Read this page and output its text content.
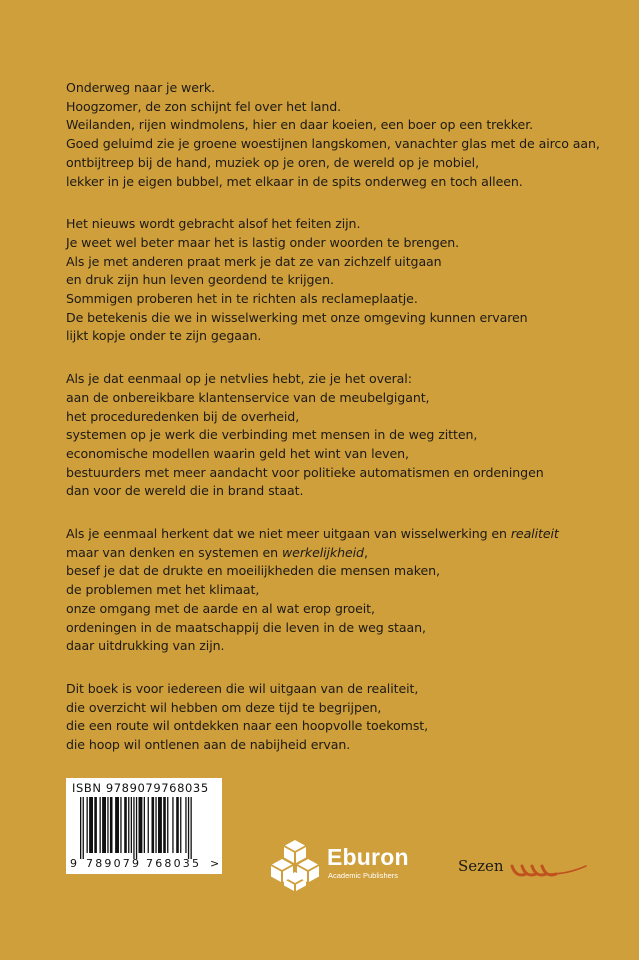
Onderweg naar je werk.
Hoogzomer, de zon schijnt fel over het land.
Weilanden, rijen windmolens, hier en daar koeien, een boer op een trekker.
Goed geluimd zie je groene woestijnen langskomen, vanachter glas met de airco aan,
ontbijtreep bij de hand, muziek op je oren, de wereld op je mobiel,
lekker in je eigen bubbel, met elkaar in de spits onderweg en toch alleen.
Het nieuws wordt gebracht alsof het feiten zijn.
Je weet wel beter maar het is lastig onder woorden te brengen.
Als je met anderen praat merk je dat ze van zichzelf uitgaan
en druk zijn hun leven geordend te krijgen.
Sommigen proberen het in te richten als reclameplaatje.
De betekenis die we in wisselwerking met onze omgeving kunnen ervaren
lijkt kopje onder te zijn gegaan.
Als je dat eenmaal op je netvlies hebt, zie je het overal:
aan de onbereikbare klantenservice van de meubelgigant,
het proceduredenken bij de overheid,
systemen op je werk die verbinding met mensen in de weg zitten,
economische modellen waarin geld het wint van leven,
bestuurders met meer aandacht voor politieke automatismen en ordeningen
dan voor de wereld die in brand staat.
Als je eenmaal herkent dat we niet meer uitgaan van wisselwerking en realiteit
maar van denken en systemen en werkelijkheid,
besef je dat de drukte en moeilijkheden die mensen maken,
de problemen met het klimaat,
onze omgang met de aarde en al wat erop groeit,
ordeningen in de maatschappij die leven in de weg staan,
daar uitdrukking van zijn.
Dit boek is voor iedereen die wil uitgaan van de realiteit,
die overzicht wil hebben om deze tijd te begrijpen,
die een route wil ontdekken naar een hoopvolle toekomst,
die hoop wil ontlenen aan de nabijheid ervan.
ISBN 9789079768035
9 789079 768035 >	Eburon
Academic Publishers
Sezen
